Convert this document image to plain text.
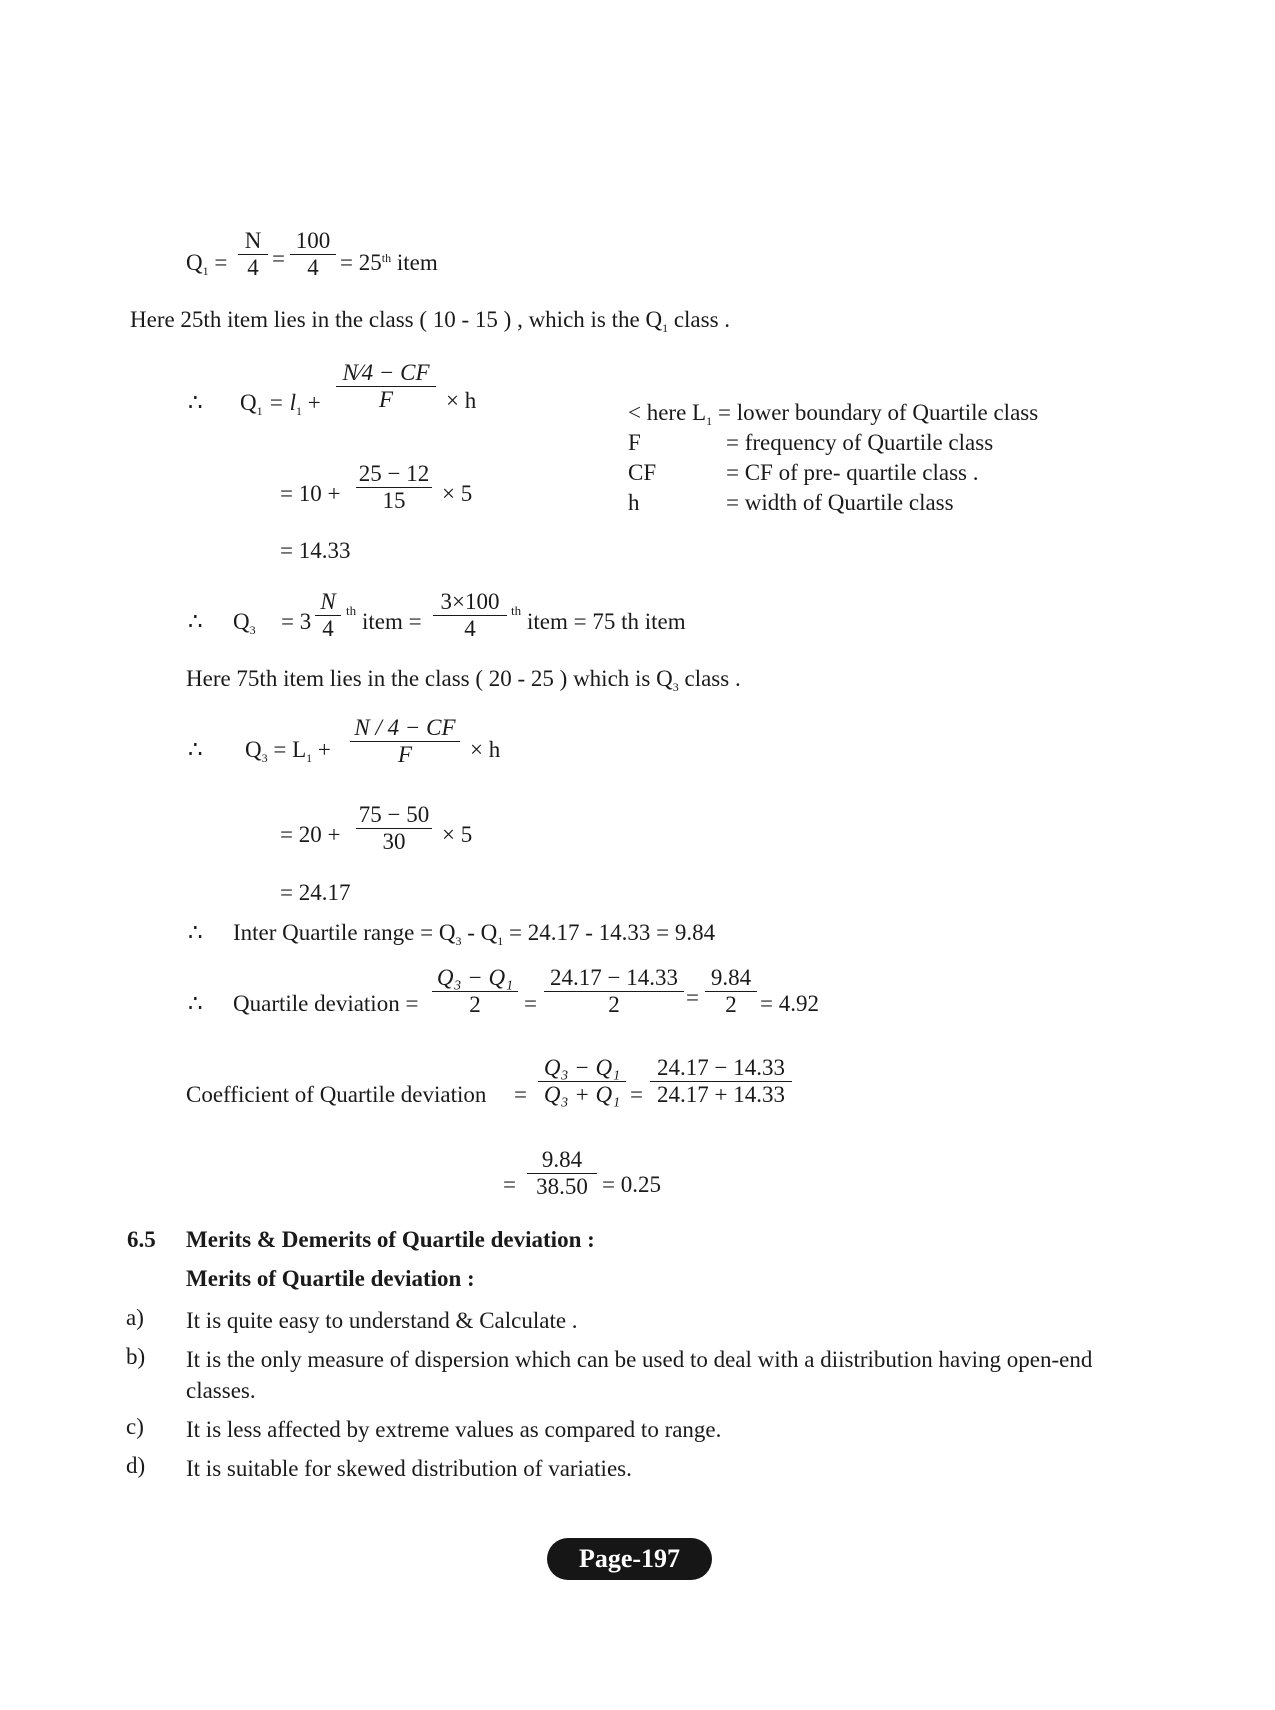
$Q_1 = \frac{N}{4} = \frac{100}{4} = 25th$ item
Here 25th item lies in the class ( 10 - 15 ) , which is the $Q_1$ class .
∴ $Q_1 = l_1 + \frac{N⁄4 - CF}{F} \times h$	< here $L_1$ = lower boundary of Quartile class
F	= frequency of Quartile class
CF	= CF of pre- quartile class .
h	= width of Quartile class
= $10 + \frac{25 - 12}{15} \times 5$
= 14.33
∴ $Q_3 = 3 \frac{N}{4}$ th item = $\frac{3\times 100}{4}$ th item = 75 th item
Here 75th item lies in the class ( 20 - 25 ) which is $Q_3$ class .
∴ $Q_3 = L_1 + \frac{N / 4 - CF}{F} \times h$
= $20 + \frac{75 - 50}{30} \times 5$
= 24.17
∴ Inter Quartile range = $Q_3 - Q_1 = 24.17 - 14.33 = 9.84$
∴ Quartile deviation = $\frac{\text{Q₃ − Q₁}}{2} = \frac{24.17 - 14.33}{2} = \frac{9.84}{2} = 4.92$
Coefficient of Quartile deviation = $\frac{\text{Q₃ − Q₁}}{\text{Q₃ + Q₁}} = \frac{24.17 - 14.33}{24.17 + 14.33}$
= $\frac{9.84}{38.50} = 0.25$
6.5 Merits & Demerits of Quartile deviation :
Merits of Quartile deviation :
a) It is quite easy to understand & Calculate .
b) It is the only measure of dispersion which can be used to deal with a diistribution having open-end classes.
c) It is less affected by extreme values as compared to range.
d) It is suitable for skewed distribution of variaties.
Page-197
